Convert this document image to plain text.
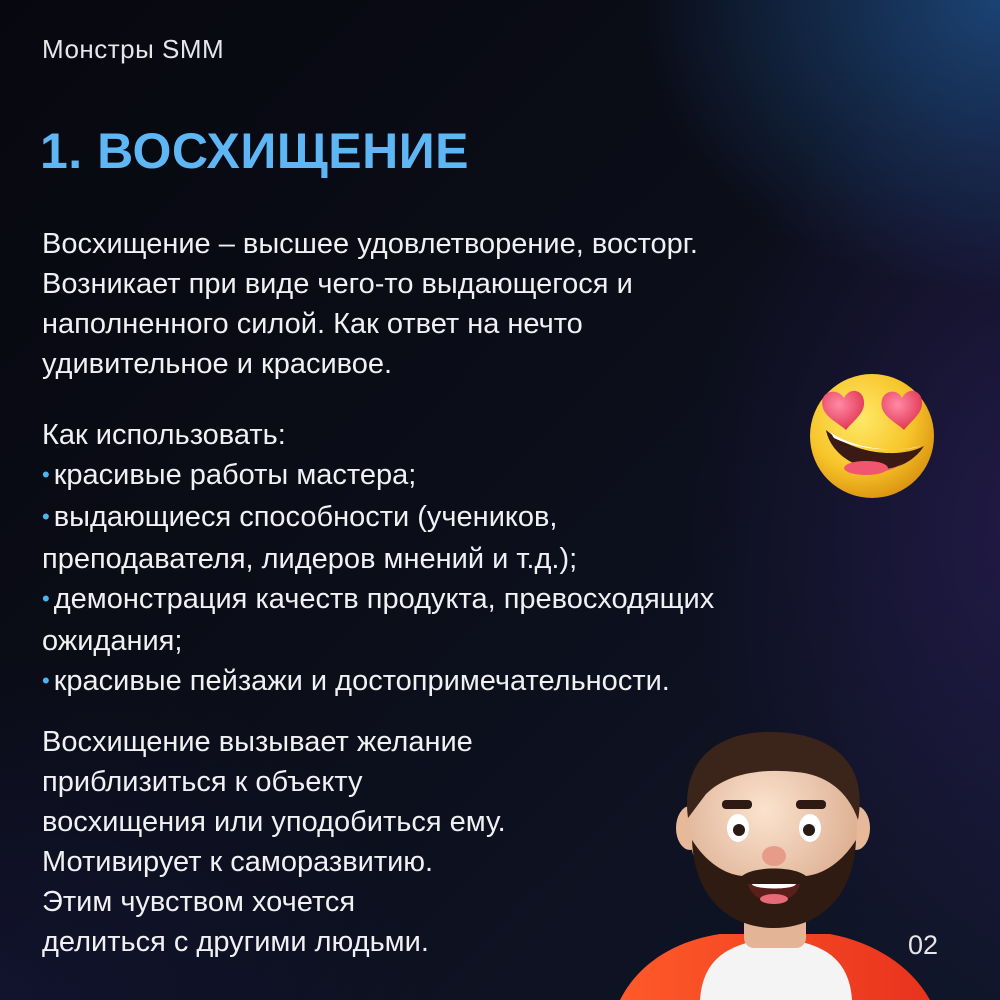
Монстры SMM
1. ВОСХИЩЕНИЕ

Восхищение – высшее удовлетворение, восторг.
Возникает при виде чего-то выдающегося и
наполненного силой. Как ответ на нечто
удивительное и красивое.

Как использовать:
• красивые работы мастера;
• выдающиеся способности (учеников,
преподавателя, лидеров мнений и т.д.);
• демонстрация качеств продукта, превосходящих
ожидания;
• красивые пейзажи и достопримечательности.

Восхищение вызывает желание
приблизиться к объекту
восхищения или уподобиться ему.
Мотивирует к саморазвитию.
Этим чувством хочется
делиться с другими людьми.	02
